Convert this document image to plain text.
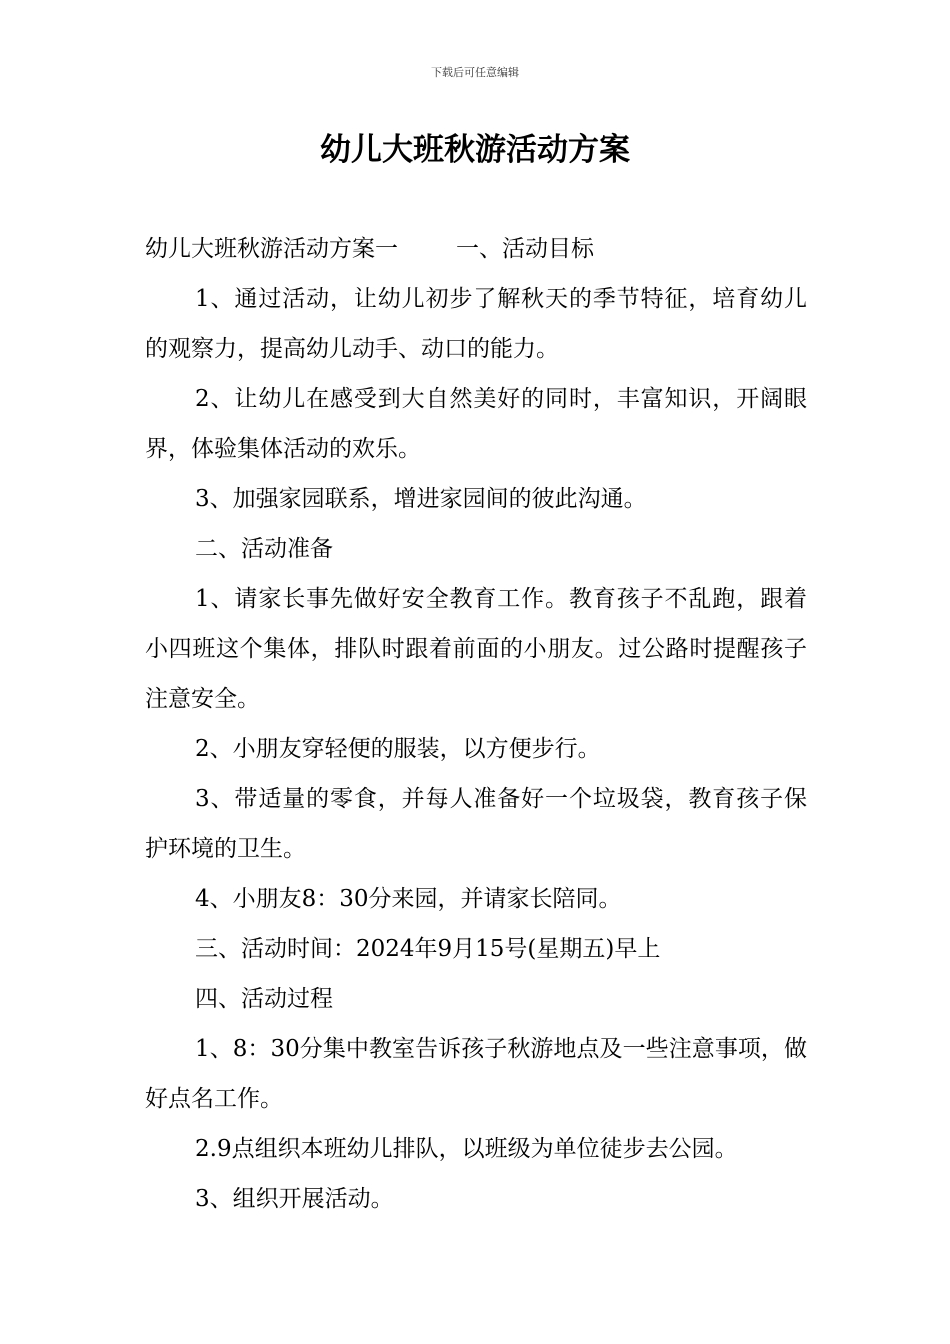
下载后可任意编辑
幼儿大班秋游活动方案

幼儿大班秋游活动方案一	一、活动目标

1、通过活动，让幼儿初步了解秋天的季节特征，培育幼儿的观察力，提高幼儿动手、动口的能力。

2、让幼儿在感受到大自然美好的同时，丰富知识，开阔眼界，体验集体活动的欢乐。

3、加强家园联系，增进家园间的彼此沟通。

二、活动准备

1、请家长事先做好安全教育工作。教育孩子不乱跑，跟着小四班这个集体，排队时跟着前面的小朋友。过公路时提醒孩子注意安全。

2、小朋友穿轻便的服装，以方便步行。

3、带适量的零食，并每人准备好一个垃圾袋，教育孩子保护环境的卫生。

4、小朋友8：30分来园，并请家长陪同。

三、活动时间：2024年9月15号(星期五)早上

四、活动过程

1、8：30分集中教室告诉孩子秋游地点及一些注意事项，做好点名工作。

2.9点组织本班幼儿排队，以班级为单位徒步去公园。

3、组织开展活动。
